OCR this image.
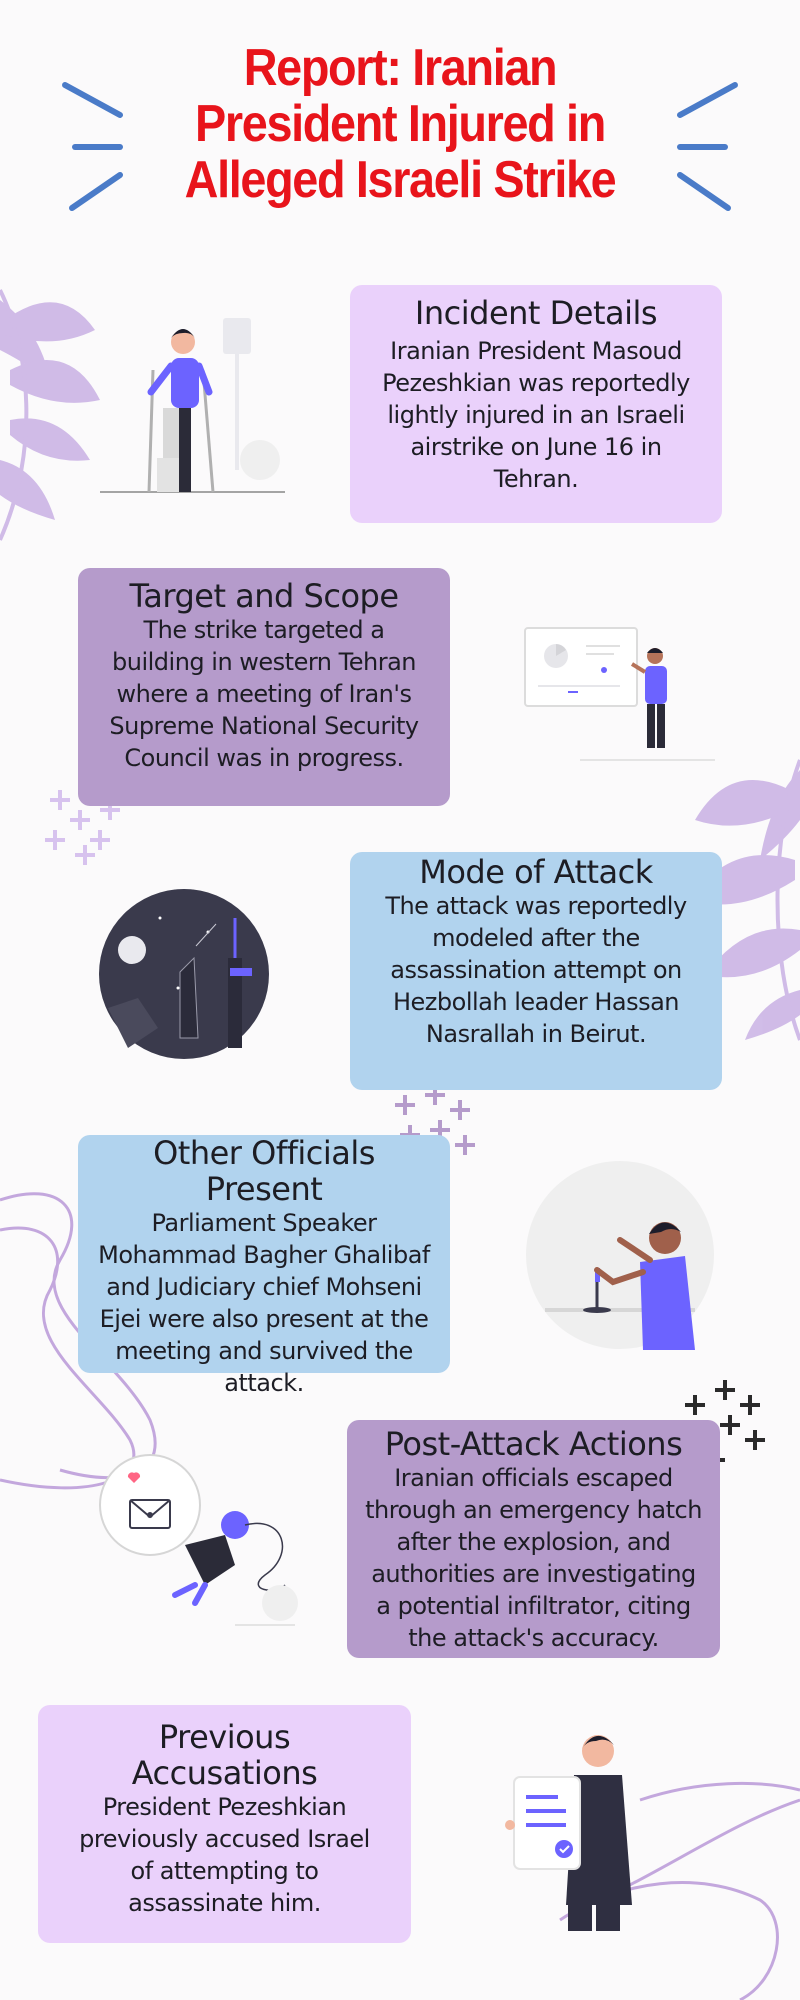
Report: Iranian President Injured in Alleged Israeli Strike
Incident Details

Iranian President Masoud Pezeshkian was reportedly lightly injured in an Israeli airstrike on June 16 in Tehran.

Target and Scope

The strike targeted a building in western Tehran where a meeting of Iran's Supreme National Security Council was in progress.

Mode of Attack

The attack was reportedly modeled after the assassination attempt on Hezbollah leader Hassan Nasrallah in Beirut.

Other Officials Present

Parliament Speaker Mohammad Bagher Ghalibaf and Judiciary chief Mohseni Ejei were also present at the meeting and survived the attack.

Post-Attack Actions

Iranian officials escaped through an emergency hatch after the explosion, and authorities are investigating a potential infiltrator, citing the attack's accuracy.

Previous Accusations

President Pezeshkian previously accused Israel of attempting to assassinate him.
